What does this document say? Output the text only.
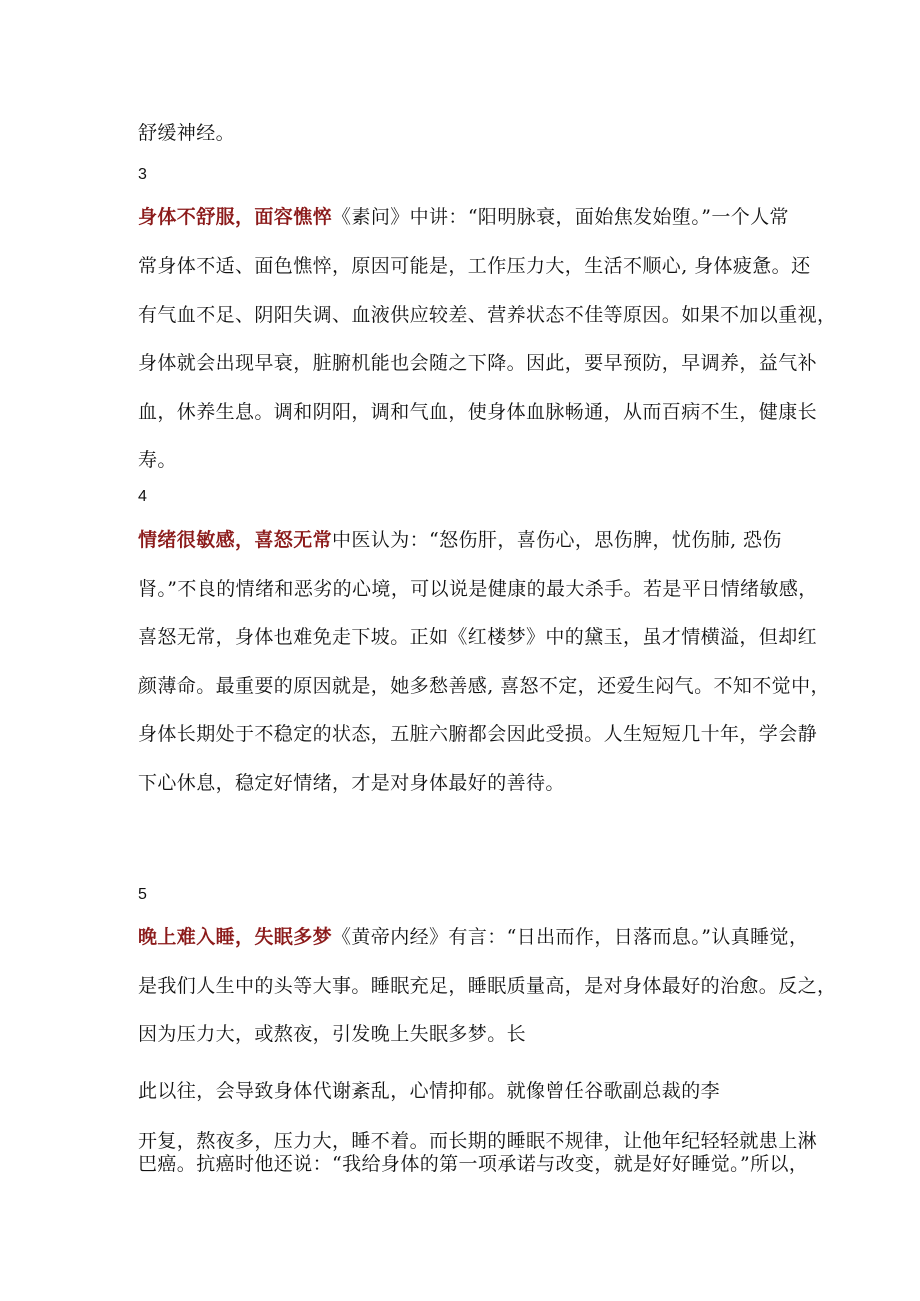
舒缓神经。
3
身体不舒服，面容憔悴《素问》中讲：“阳明脉衰，面始焦发始堕。”一个人常
常身体不适、面色憔悴，原因可能是，工作压力大，生活不顺心, 身体疲惫。还
有气血不足、阴阳失调、血液供应较差、营养状态不佳等原因。如果不加以重视，
身体就会出现早衰，脏腑机能也会随之下降。因此，要早预防，早调养，益气补
血，休养生息。调和阴阳，调和气血，使身体血脉畅通，从而百病不生，健康长
寿。
4
情绪很敏感，喜怒无常中医认为：“怒伤肝，喜伤心，思伤脾，忧伤肺, 恐伤
肾。”不良的情绪和恶劣的心境，可以说是健康的最大杀手。若是平日情绪敏感，
喜怒无常，身体也难免走下坡。正如《红楼梦》中的黛玉，虽才情横溢，但却红
颜薄命。最重要的原因就是，她多愁善感, 喜怒不定，还爱生闷气。不知不觉中，
身体长期处于不稳定的状态，五脏六腑都会因此受损。人生短短几十年，学会静
下心休息，稳定好情绪，才是对身体最好的善待。
5
晚上难入睡，失眠多梦《黄帝内经》有言：“日出而作，日落而息。”认真睡觉，
是我们人生中的头等大事。睡眠充足，睡眠质量高，是对身体最好的治愈。反之，
因为压力大，或熬夜，引发晚上失眠多梦。长
此以往，会导致身体代谢紊乱，心情抑郁。就像曾任谷歌副总裁的李
开复，熬夜多，压力大，睡不着。而长期的睡眠不规律，让他年纪轻轻就患上淋
巴癌。抗癌时他还说：“我给身体的第一项承诺与改变，就是好好睡觉。”所以，
